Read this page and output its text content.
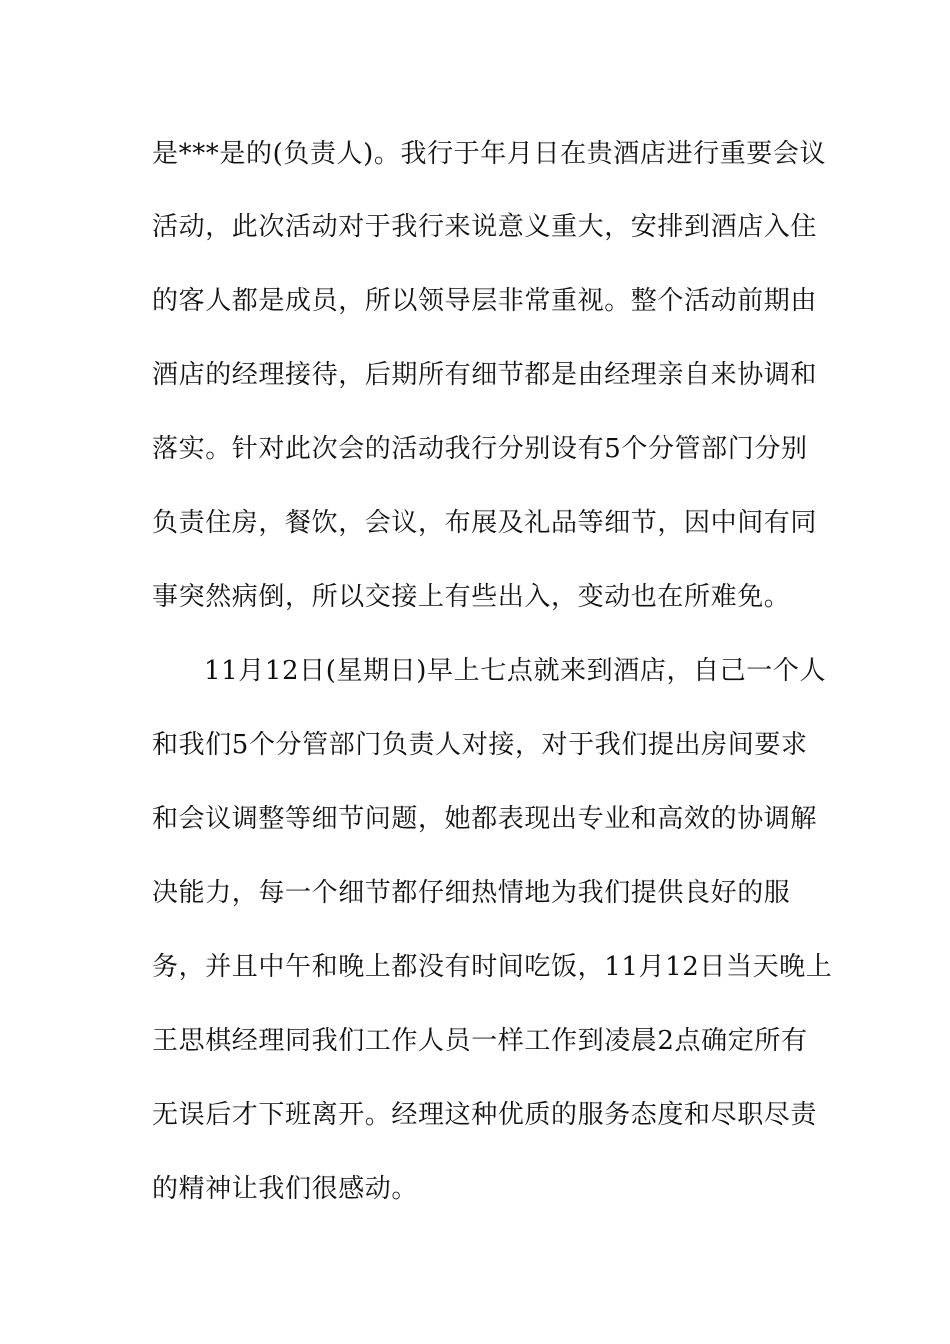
是***是的(负责人)。我行于年月日在贵酒店进行重要会议
活动，此次活动对于我行来说意义重大，安排到酒店入住
的客人都是成员，所以领导层非常重视。整个活动前期由
酒店的经理接待，后期所有细节都是由经理亲自来协调和
落实。针对此次会的活动我行分别设有5个分管部门分别
负责住房，餐饮，会议，布展及礼品等细节，因中间有同
事突然病倒，所以交接上有些出入，变动也在所难免。
11月12日(星期日)早上七点就来到酒店，自己一个人
和我们5个分管部门负责人对接，对于我们提出房间要求
和会议调整等细节问题，她都表现出专业和高效的协调解
决能力，每一个细节都仔细热情地为我们提供良好的服
务，并且中午和晚上都没有时间吃饭，11月12日当天晚上
王思棋经理同我们工作人员一样工作到凌晨2点确定所有
无误后才下班离开。经理这种优质的服务态度和尽职尽责
的精神让我们很感动。
